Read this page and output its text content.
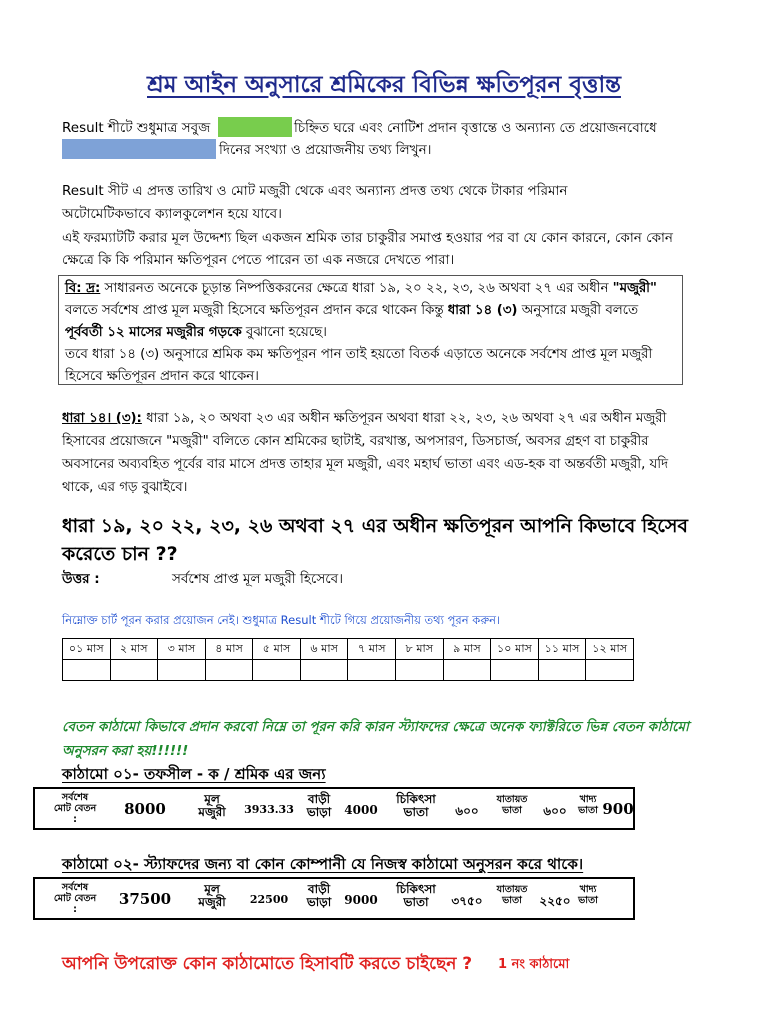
শ্রম আইন অনুসারে শ্রমিকের বিভিন্ন ক্ষতিপূরন বৃত্তান্ত
Result শীটে শুধুমাত্র সবুজ	চিহ্নিত ঘরে এবং নোটিশ প্রদান বৃত্তান্তে ও অন্যান্য তে প্রয়োজনবোধে
দিনের সংখ্যা ও প্রয়োজনীয় তথ্য লিখুন।
Result সীট এ প্রদত্ত তারিখ ও মোট মজুরী থেকে এবং অন্যান্য প্রদত্ত তথ্য থেকে টাকার পরিমান
অটোমেটিকভাবে ক্যালকুলেশন হয়ে যাবে।
এই ফরম্যাটটি করার মূল উদ্দেশ্য ছিল একজন শ্রমিক তার চাকুরীর সমাপ্ত হওয়ার পর বা যে কোন কারনে, কোন কোন
ক্ষেত্রে কি কি পরিমান ক্ষতিপূরন পেতে পারেন তা এক নজরে দেখতে পারা।
বি: দ্র: সাধারনত অনেকে চূড়ান্ত নিষ্পত্তিকরনের ক্ষেত্রে ধারা ১৯, ২০ ২২, ২৩, ২৬ অথবা ২৭ এর অধীন "মজুরী"
বলতে সর্বশেষ প্রাপ্ত মূল মজুরী হিসেবে ক্ষতিপূরন প্রদান করে থাকেন কিন্তু ধারা ১৪ (৩) অনুসারে মজুরী বলতে
পূর্ববর্তী ১২ মাসের মজুরীর গড়কে বুঝানো হয়েছে।
তবে ধারা ১৪ (৩) অনুসারে শ্রমিক কম ক্ষতিপূরন পান তাই হয়তো বিতর্ক এড়াতে অনেকে সর্বশেষ প্রাপ্ত মূল মজুরী
হিসেবে ক্ষতিপূরন প্রদান করে থাকেন।
ধারা ১৪। (৩): ধারা ১৯, ২০ অথবা ২৩ এর অধীন ক্ষতিপূরন অথবা ধারা ২২, ২৩, ২৬ অথবা ২৭ এর অধীন মজুরী
হিসাবের প্রয়োজনে "মজুরী" বলিতে কোন শ্রমিকের ছাটাই, বরখাস্ত, অপসারণ, ডিসচার্জ, অবসর গ্রহণ বা চাকুরীর
অবসানের অব্যবহিত পূর্বের বার মাসে প্রদত্ত তাহার মূল মজুরী, এবং মহার্ঘ ভাতা এবং এড-হক বা অন্তর্বতী মজুরী, যদি
থাকে, এর গড় বুঝাইবে।
ধারা ১৯, ২০ ২২, ২৩, ২৬ অথবা ২৭ এর অধীন ক্ষতিপূরন আপনি কিভাবে হিসেব
করেতে চান ??
উত্তর :	সর্বশেষ প্রাপ্ত মূল মজুরী হিসেবে।
নিম্নোক্ত চার্ট পূরন করার প্রয়োজন নেই। শুধুমাত্র Result শীটে গিয়ে প্রয়োজনীয় তথ্য পূরন করুন।
০১ মাস	২ মাস	৩ মাস	৪ মাস	৫ মাস	৬ মাস	৭ মাস	৮ মাস	৯ মাস	১০ মাস	১১ মাস	১২ মাস

বেতন কাঠামো কিভাবে প্রদান করবো নিম্নে তা পূরন করি কারন স্ট্যাফদের ক্ষেত্রে অনেক ফ্যাক্টরিতে ভিন্ন বেতন কাঠামো
অনুসরন করা হয়!!!!!!
কাঠামো ০১- তফসীল - ক / শ্রমিক এর জন্য
সর্বশেষ
মোট বেতন
:
8000
মূল
মজুরী	3933.33
বাড়ী
ভাড়া	4000
চিকিৎসা
ভাতা	৬০০
যাতায়ত
ভাতা	৬০০
খাদ্য
ভাতা 900
কাঠামো ০২- স্ট্যাফদের জন্য বা কোন কোম্পানী যে নিজস্ব কাঠামো অনুসরন করে থাকে।
সর্বশেষ
মোট বেতন
:
37500
মূল
মজুরী	22500
বাড়ী
ভাড়া	9000
চিকিৎসা
ভাতা	৩৭৫০
যাতায়ত
ভাতা	২২৫০
খাদ্য
ভাতা
আপনি উপরোক্ত কোন কাঠামোতে হিসাবটি করতে চাইছেন ? 1 নং কাঠামো
